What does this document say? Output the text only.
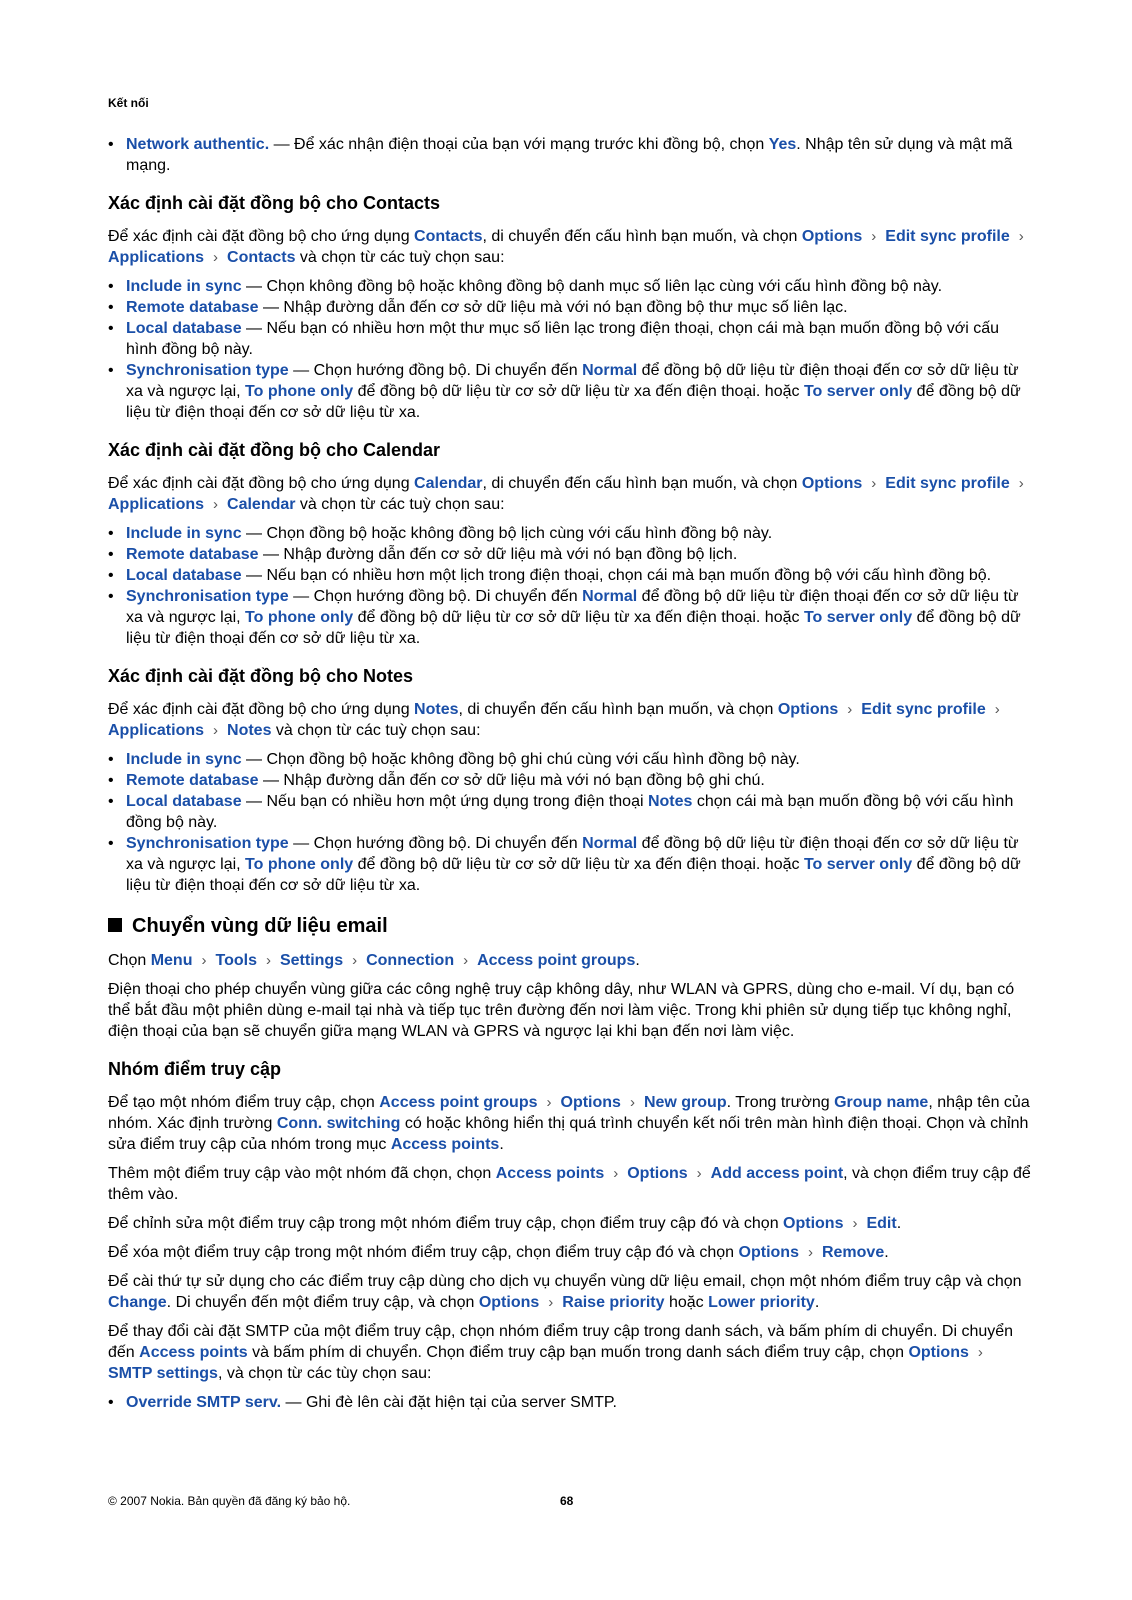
Kết nối
• Network authentic. — Để xác nhận điện thoại của bạn với mạng trước khi đồng bộ, chọn Yes. Nhập tên sử dụng và mật mã mạng.
Xác định cài đặt đồng bộ cho Contacts

Để xác định cài đặt đồng bộ cho ứng dụng Contacts, di chuyển đến cấu hình bạn muốn, và chọn Options › Edit sync profile ›Applications › Contacts và chọn từ các tuỳ chọn sau:

• Include in sync — Chọn không đồng bộ hoặc không đồng bộ danh mục số liên lạc cùng với cấu hình đồng bộ này.
• Remote database — Nhập đường dẫn đến cơ sở dữ liệu mà với nó bạn đồng bộ thư mục số liên lạc.
• Local database — Nếu bạn có nhiều hơn một thư mục số liên lạc trong điện thoại, chọn cái mà bạn muốn đồng bộ với cấu hình đồng bộ này.
• Synchronisation type — Chọn hướng đồng bộ. Di chuyển đến Normal để đồng bộ dữ liệu từ điện thoại đến cơ sở dữ liệu từ xa và ngược lại, To phone only để đồng bộ dữ liệu từ cơ sở dữ liệu từ xa đến điện thoại. hoặc To server only để đồng bộ dữ liệu từ điện thoại đến cơ sở dữ liệu từ xa.
Xác định cài đặt đồng bộ cho Calendar

Để xác định cài đặt đồng bộ cho ứng dụng Calendar, di chuyển đến cấu hình bạn muốn, và chọn Options › Edit sync profile ›Applications › Calendar và chọn từ các tuỳ chọn sau:

• Include in sync — Chọn đồng bộ hoặc không đồng bộ lịch cùng với cấu hình đồng bộ này.
• Remote database — Nhập đường dẫn đến cơ sở dữ liệu mà với nó bạn đồng bộ lịch.
• Local database — Nếu bạn có nhiều hơn một lịch trong điện thoại, chọn cái mà bạn muốn đồng bộ với cấu hình đồng bộ.
• Synchronisation type — Chọn hướng đồng bộ. Di chuyển đến Normal để đồng bộ dữ liệu từ điện thoại đến cơ sở dữ liệu từ xa và ngược lại, To phone only để đồng bộ dữ liệu từ cơ sở dữ liệu từ xa đến điện thoại. hoặc To server only để đồng bộ dữ liệu từ điện thoại đến cơ sở dữ liệu từ xa.
Xác định cài đặt đồng bộ cho Notes

Để xác định cài đặt đồng bộ cho ứng dụng Notes, di chuyển đến cấu hình bạn muốn, và chọn Options › Edit sync profile ›Applications › Notes và chọn từ các tuỳ chọn sau:

• Include in sync — Chọn đồng bộ hoặc không đồng bộ ghi chú cùng với cấu hình đồng bộ này.
• Remote database — Nhập đường dẫn đến cơ sở dữ liệu mà với nó bạn đồng bộ ghi chú.
• Local database — Nếu bạn có nhiều hơn một ứng dụng trong điện thoại Notes chọn cái mà bạn muốn đồng bộ với cấu hình đồng bộ này.
• Synchronisation type — Chọn hướng đồng bộ. Di chuyển đến Normal để đồng bộ dữ liệu từ điện thoại đến cơ sở dữ liệu từ xa và ngược lại, To phone only để đồng bộ dữ liệu từ cơ sở dữ liệu từ xa đến điện thoại. hoặc To server only để đồng bộ dữ liệu từ điện thoại đến cơ sở dữ liệu từ xa.
Chuyển vùng dữ liệu email

Chọn Menu › Tools › Settings › Connection › Access point groups.

Điện thoại cho phép chuyển vùng giữa các công nghệ truy cập không dây, như WLAN và GPRS, dùng cho e-mail. Ví dụ, bạn có thể bắt đầu một phiên dùng e-mail tại nhà và tiếp tục trên đường đến nơi làm việc. Trong khi phiên sử dụng tiếp tục không nghỉ, điện thoại của bạn sẽ chuyển giữa mạng WLAN và GPRS và ngược lại khi bạn đến nơi làm việc.

Nhóm điểm truy cập

Để tạo một nhóm điểm truy cập, chọn Access point groups › Options › New group. Trong trường Group name, nhập tên của nhóm. Xác định trường Conn. switching có hoặc không hiển thị quá trình chuyển kết nối trên màn hình điện thoại. Chọn và chỉnh sửa điểm truy cập của nhóm trong mục Access points.

Thêm một điểm truy cập vào một nhóm đã chọn, chọn Access points › Options › Add access point, và chọn điểm truy cập để thêm vào.

Để chỉnh sửa một điểm truy cập trong một nhóm điểm truy cập, chọn điểm truy cập đó và chọn Options › Edit.

Để xóa một điểm truy cập trong một nhóm điểm truy cập, chọn điểm truy cập đó và chọn Options › Remove.

Để cài thứ tự sử dụng cho các điểm truy cập dùng cho dịch vụ chuyển vùng dữ liệu email, chọn một nhóm điểm truy cập và chọn Change. Di chuyển đến một điểm truy cập, và chọn Options › Raise priority hoặc Lower priority.

Để thay đổi cài đặt SMTP của một điểm truy cập, chọn nhóm điểm truy cập trong danh sách, và bấm phím di chuyển. Di chuyển đến Access points và bấm phím di chuyển. Chọn điểm truy cập bạn muốn trong danh sách điểm truy cập, chọn Options ›SMTP settings, và chọn từ các tùy chọn sau:

• Override SMTP serv. — Ghi đè lên cài đặt hiện tại của server SMTP.
© 2007 Nokia. Bản quyền đã đăng ký bảo hộ.	68
